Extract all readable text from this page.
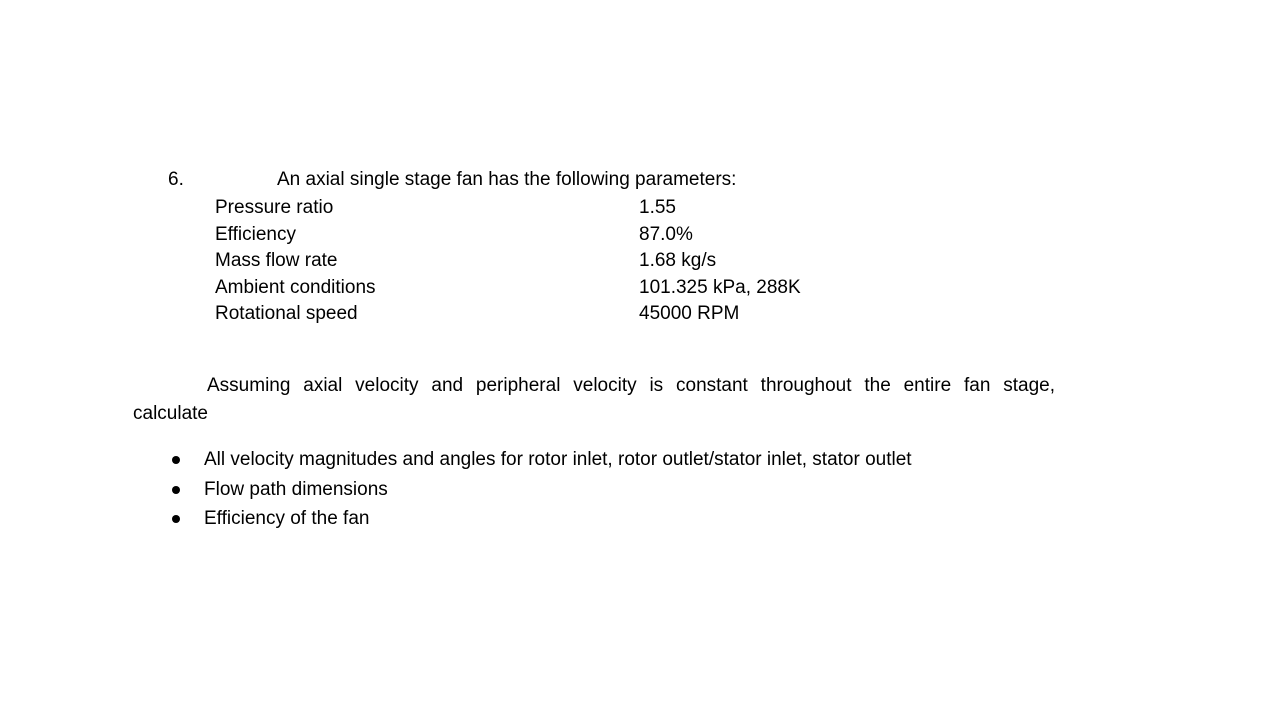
6.	An axial single stage fan has the following parameters:
Pressure ratio	1.55
Efficiency	87.0%
Mass flow rate	1.68 kg/s
Ambient conditions	101.325 kPa, 288K
Rotational speed	45000 RPM
Assuming axial velocity and peripheral velocity is constant throughout the entire fan stage,
calculate
All velocity magnitudes and angles for rotor inlet, rotor outlet/stator inlet, stator outlet
Flow path dimensions
Efficiency of the fan
